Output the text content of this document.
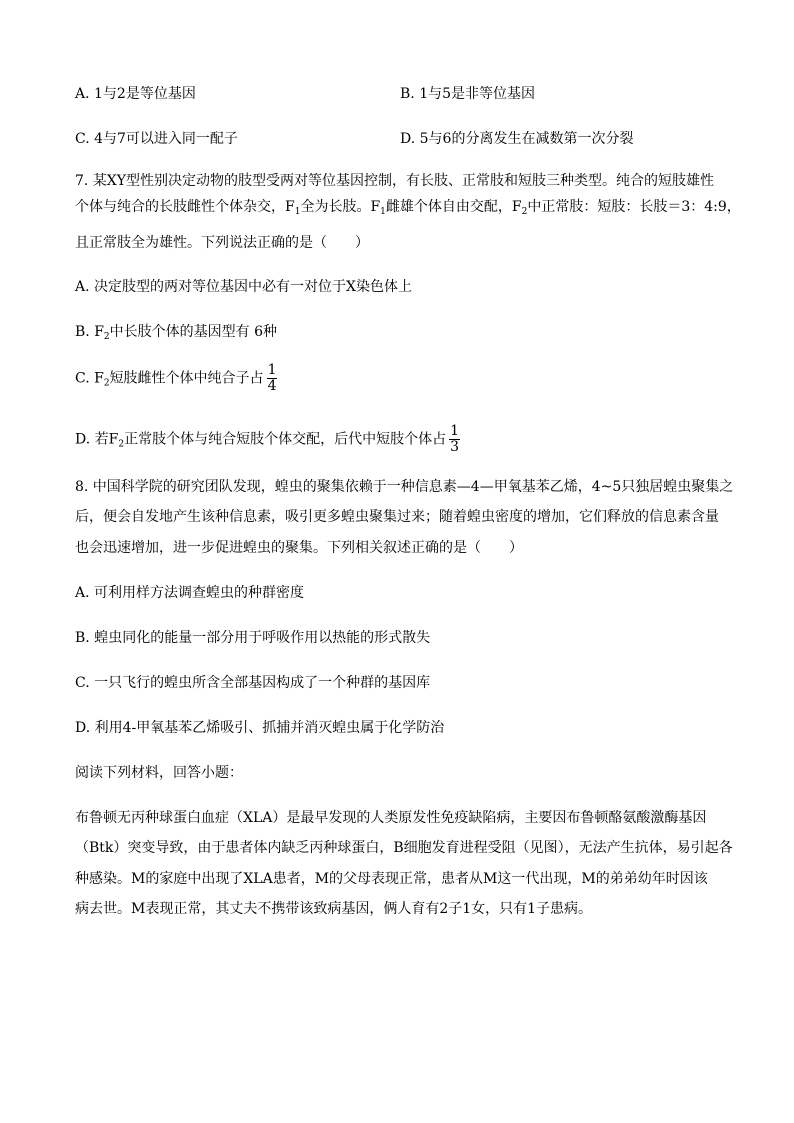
A. 1与2是等位基因	B. 1与5是非等位基因
C. 4与7可以进入同一配子	D. 5与6的分离发生在减数第一次分裂
7. 某XY型性别决定动物的肢型受两对等位基因控制，有长肢、正常肢和短肢三种类型。纯合的短肢雄性
个体与纯合的长肢雌性个体杂交，$F_1$全为长肢。$F_1$雌雄个体自由交配，$F_2$中正常肢：短肢：长肢＝3：4:9，
且正常肢全为雄性。下列说法正确的是（　　）
A. 决定肢型的两对等位基因中必有一对位于X染色体上
B. $F_2$中长肢个体的基因型有 6种
C. $F_2$短肢雌性个体中纯合子占 $\frac{1}{4}$
D. 若$F_2$正常肢个体与纯合短肢个体交配，后代中短肢个体占 $\frac{1}{3}$
8. 中国科学院的研究团队发现，蝗虫的聚集依赖于一种信息素—4—甲氧基苯乙烯，4~5只独居蝗虫聚集之
后，便会自发地产生该种信息素，吸引更多蝗虫聚集过来；随着蝗虫密度的增加，它们释放的信息素含量
也会迅速增加，进一步促进蝗虫的聚集。下列相关叙述正确的是（　　）
A. 可利用样方法调查蝗虫的种群密度
B. 蝗虫同化的能量一部分用于呼吸作用以热能的形式散失
C. 一只飞行的蝗虫所含全部基因构成了一个种群的基因库
D. 利用4-甲氧基苯乙烯吸引、抓捕并消灭蝗虫属于化学防治
阅读下列材料，回答小题：
布鲁顿无丙种球蛋白血症（XLA）是最早发现的人类原发性免疫缺陷病，主要因布鲁顿酪氨酸激酶基因
（Btk）突变导致，由于患者体内缺乏丙种球蛋白，B细胞发育进程受阻（见图），无法产生抗体，易引起各
种感染。M的家庭中出现了XLA患者，M的父母表现正常，患者从M这一代出现，M的弟弟幼年时因该
病去世。M表现正常，其丈夫不携带该致病基因，俩人育有2子1女，只有1子患病。
